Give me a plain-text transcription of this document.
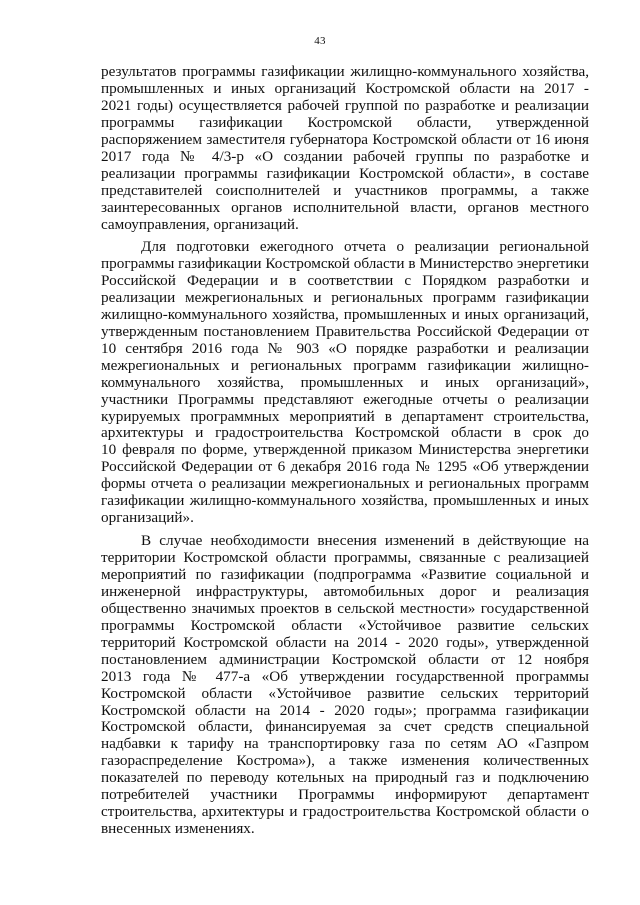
43
результатов программы газификации жилищно-коммунального хозяйства,
промышленных и иных организаций Костромской области на 2017 -
2021 годы) осуществляется рабочей группой по разработке и реализации
программы газификации Костромской области, утвержденной
распоряжением заместителя губернатора Костромской области от 16 июня
2017 года № 4/3-р «О создании рабочей группы по разработке и
реализации программы газификации Костромской области», в составе
представителей соисполнителей и участников программы, а также
заинтересованных органов исполнительной власти, органов местного
самоуправления, организаций.
Для подготовки ежегодного отчета о реализации региональной
программы газификации Костромской области в Министерство энергетики
Российской Федерации и в соответствии с Порядком разработки и
реализации межрегиональных и региональных программ газификации
жилищно-коммунального хозяйства, промышленных и иных организаций,
утвержденным постановлением Правительства Российской Федерации от
10 сентября 2016 года № 903 «О порядке разработки и реализации
межрегиональных и региональных программ газификации жилищно-
коммунального хозяйства, промышленных и иных организаций»,
участники Программы представляют ежегодные отчеты о реализации
курируемых программных мероприятий в департамент строительства,
архитектуры и градостроительства Костромской области в срок до
10 февраля по форме, утвержденной приказом Министерства энергетики
Российской Федерации от 6 декабря 2016 года № 1295 «Об утверждении
формы отчета о реализации межрегиональных и региональных программ
газификации жилищно-коммунального хозяйства, промышленных и иных
организаций».
В случае необходимости внесения изменений в действующие на
территории Костромской области программы, связанные с реализацией
мероприятий по газификации (подпрограмма «Развитие социальной и
инженерной инфраструктуры, автомобильных дорог и реализация
общественно значимых проектов в сельской местности» государственной
программы Костромской области «Устойчивое развитие сельских
территорий Костромской области на 2014 - 2020 годы», утвержденной
постановлением администрации Костромской области от 12 ноября
2013 года № 477-а «Об утверждении государственной программы
Костромской области «Устойчивое развитие сельских территорий
Костромской области на 2014 - 2020 годы»; программа газификации
Костромской области, финансируемая за счет средств специальной
надбавки к тарифу на транспортировку газа по сетям АО «Газпром
газораспределение Кострома»), а также изменения количественных
показателей по переводу котельных на природный газ и подключению
потребителей участники Программы информируют департамент
строительства, архитектуры и градостроительства Костромской области о
внесенных изменениях.
